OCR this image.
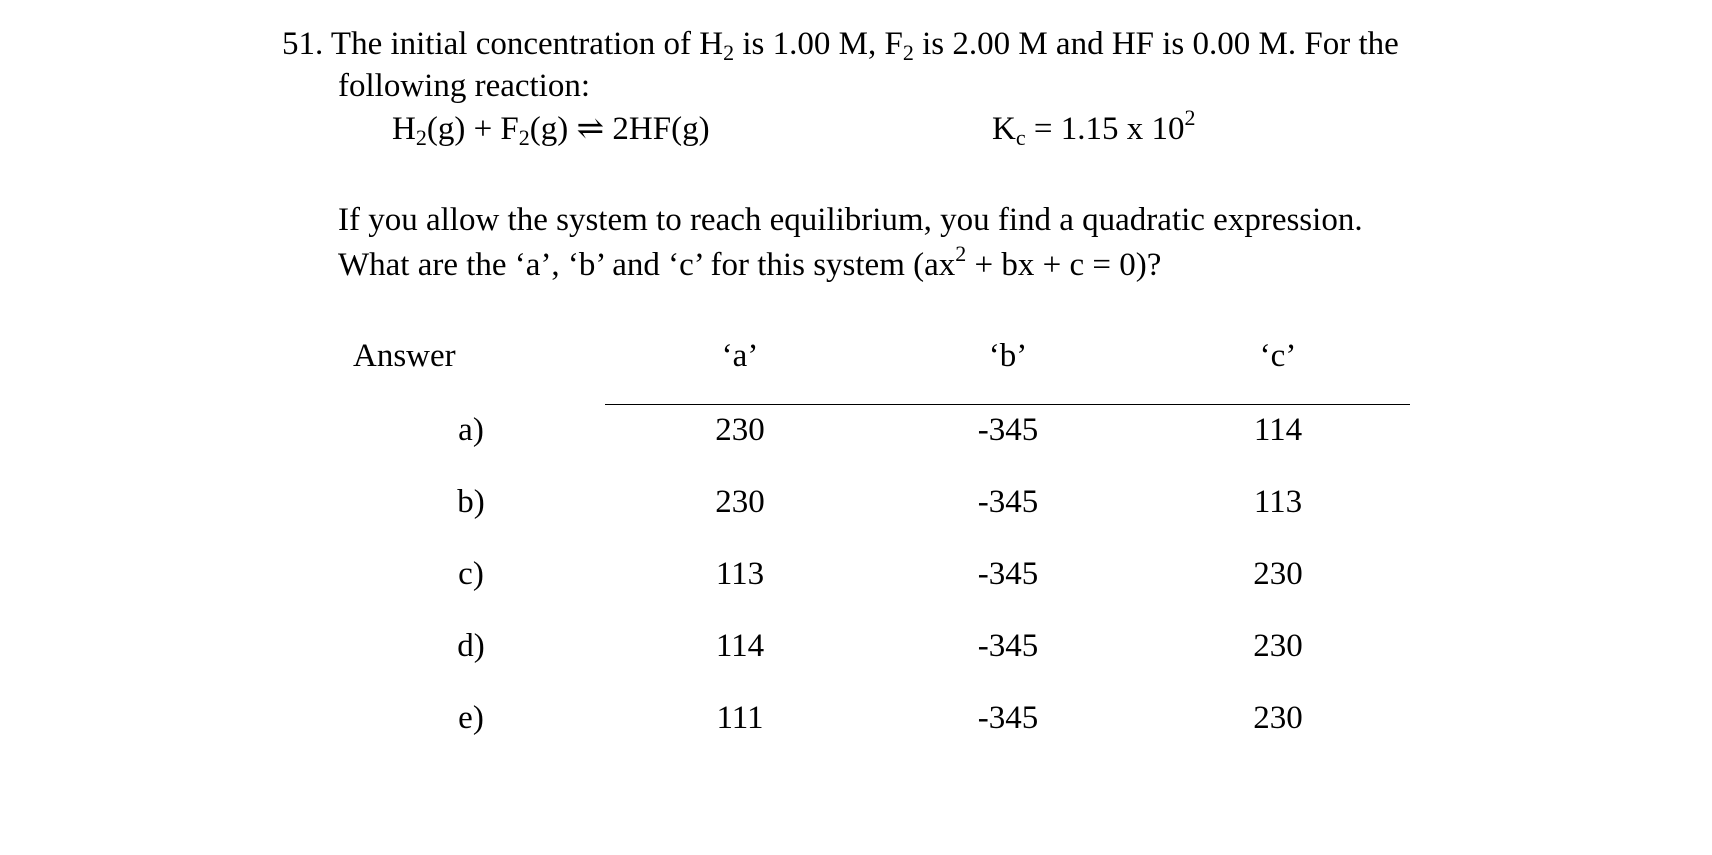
51. The initial concentration of $H_2$ is 1.00 M, $F_2$ is 2.00 M and HF is 0.00 M. For the
following reaction:
$H_2(g) + F_2(g)$ ⇌ 2HF(g)	$K_c = 1.15$ x $10^2$
If you allow the system to reach equilibrium, you find a quadratic expression.
What are the ‘a’, ‘b’ and ‘c’ for this system ($ax^2$ + bx + c = 0)?
Answer	‘a’	‘b’	‘c’
a)	230	-345	114
b)	230	-345	113
c)	113	-345	230
d)	114	-345	230
e)	111	-345	230
